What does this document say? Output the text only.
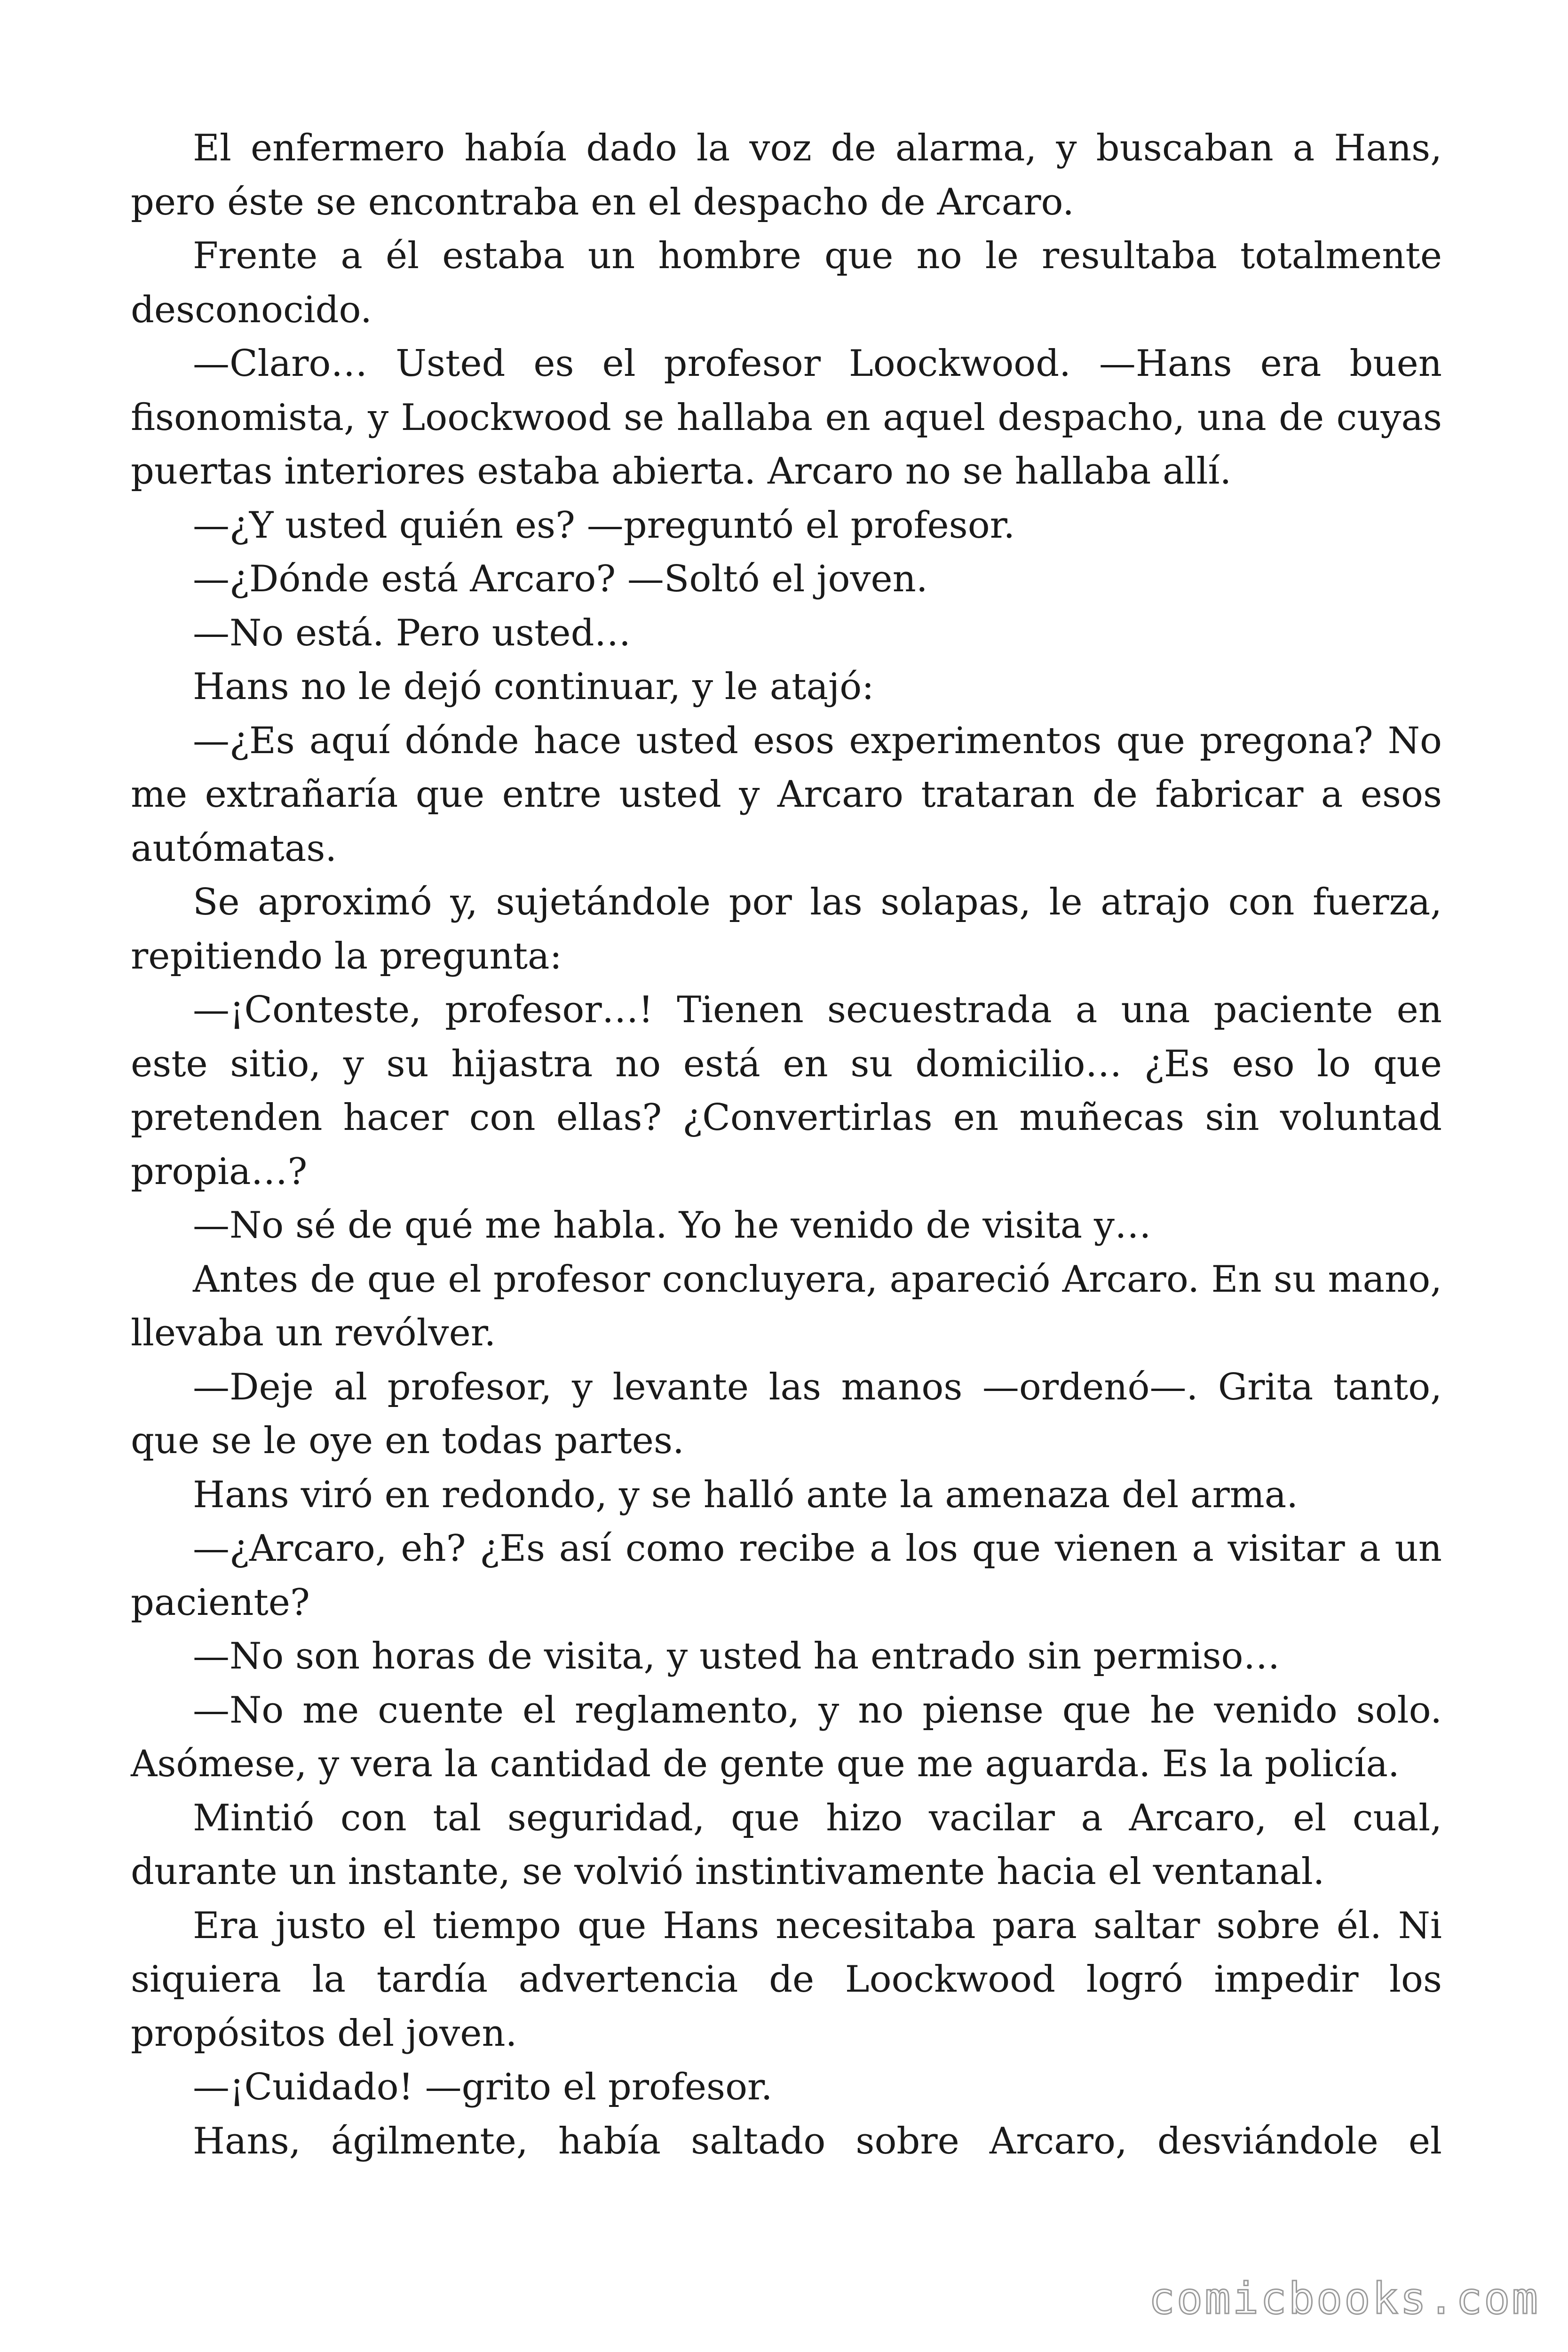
El enfermero había dado la voz de alarma, y buscaban a Hans, pero éste se encontraba en el despacho de Arcaro.

Frente a él estaba un hombre que no le resultaba totalmente desconocido.

—Claro… Usted es el profesor Loockwood. —Hans era buen fisonomista, y Loockwood se hallaba en aquel despacho, una de cuyas puertas interiores estaba abierta. Arcaro no se hallaba allí.

—¿Y usted quién es? —preguntó el profesor.

—¿Dónde está Arcaro? —Soltó el joven.

—No está. Pero usted…

Hans no le dejó continuar, y le atajó:

—¿Es aquí dónde hace usted esos experimentos que pregona? No me extrañaría que entre usted y Arcaro trataran de fabricar a esos autómatas.

Se aproximó y, sujetándole por las solapas, le atrajo con fuerza, repitiendo la pregunta:

—¡Conteste, profesor…! Tienen secuestrada a una paciente en este sitio, y su hijastra no está en su domicilio… ¿Es eso lo que pretenden hacer con ellas? ¿Convertirlas en muñecas sin voluntad propia…?

—No sé de qué me habla. Yo he venido de visita y…

Antes de que el profesor concluyera, apareció Arcaro. En su mano, llevaba un revólver.

—Deje al profesor, y levante las manos —ordenó—. Grita tanto, que se le oye en todas partes.

Hans viró en redondo, y se halló ante la amenaza del arma.

—¿Arcaro, eh? ¿Es así como recibe a los que vienen a visitar a un paciente?

—No son horas de visita, y usted ha entrado sin permiso…

—No me cuente el reglamento, y no piense que he venido solo. Asómese, y vera la cantidad de gente que me aguarda. Es la policía.

Mintió con tal seguridad, que hizo vacilar a Arcaro, el cual, durante un instante, se volvió instintivamente hacia el ventanal.

Era justo el tiempo que Hans necesitaba para saltar sobre él. Ni siquiera la tardía advertencia de Loockwood logró impedir los propósitos del joven.

—¡Cuidado! —grito el profesor.

Hans, ágilmente, había saltado sobre Arcaro, desviándole el

comicbooks.com
